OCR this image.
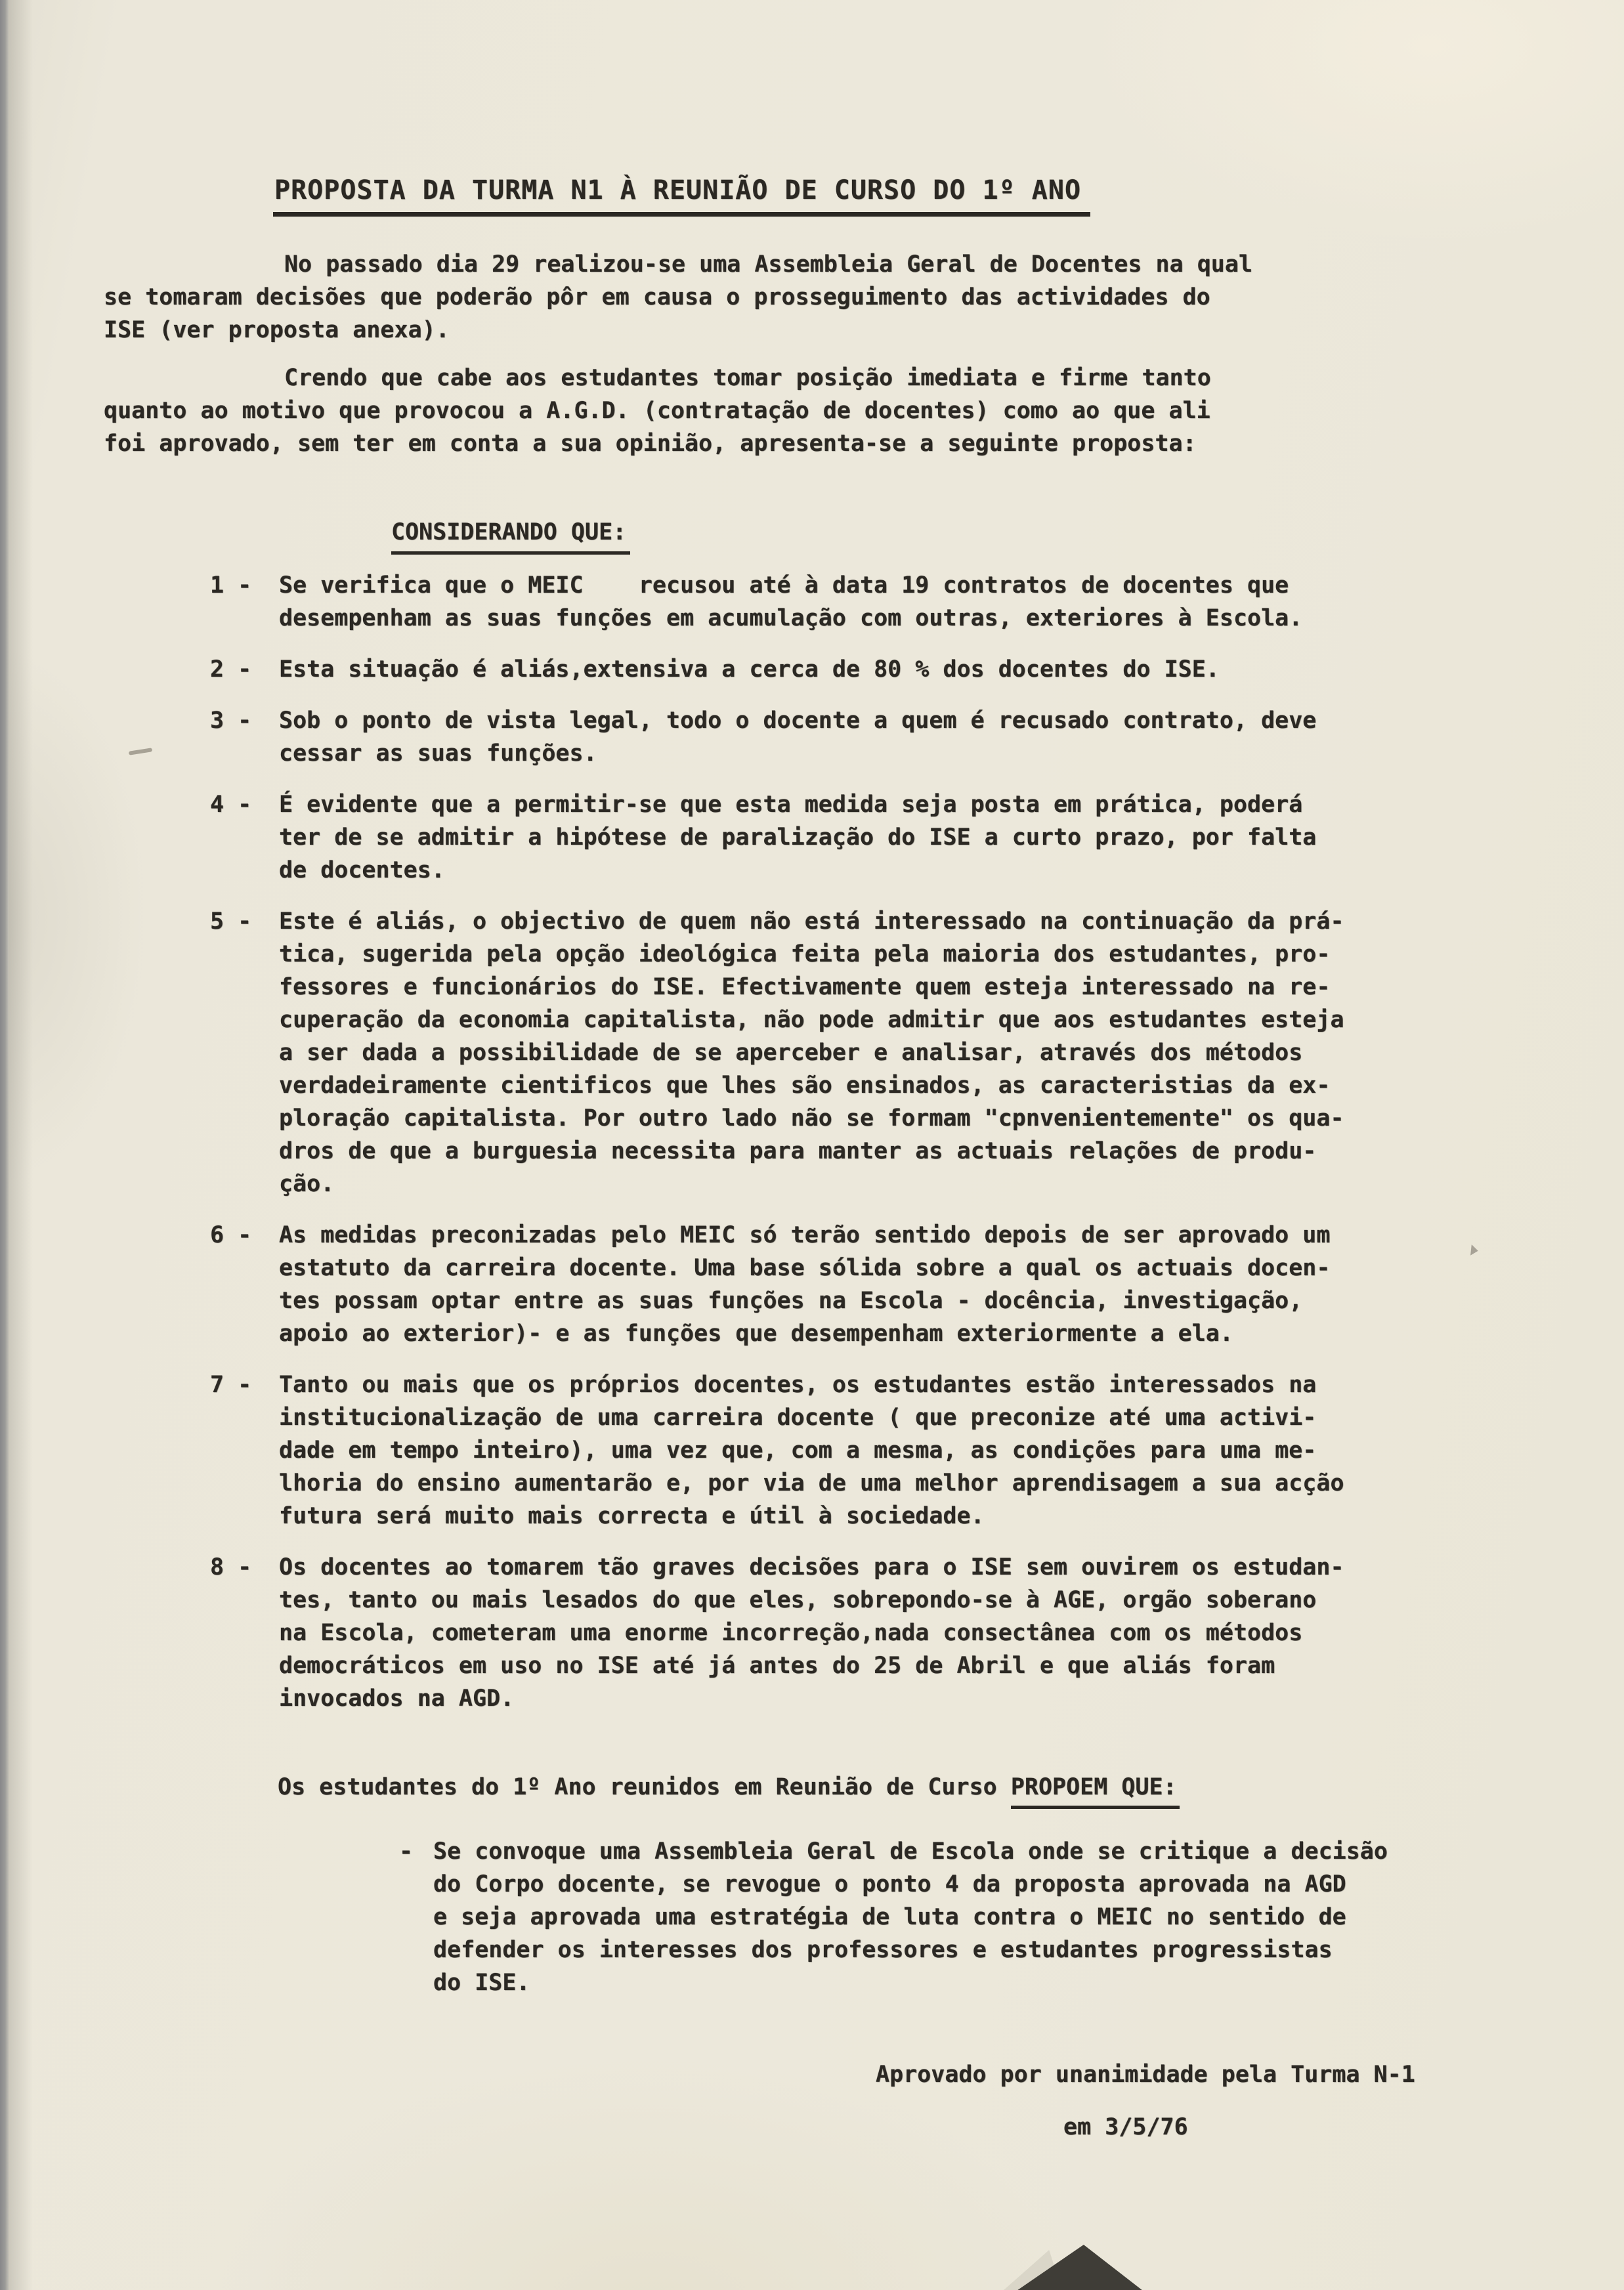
PROPOSTA DA TURMA N1 À REUNIÃO DE CURSO DO 1º ANO
No passado dia 29 realizou-se uma Assembleia Geral de Docentes na qual
se tomaram decisões que poderão pôr em causa o prosseguimento das actividades do
ISE (ver proposta anexa).
Crendo que cabe aos estudantes tomar posição imediata e firme tanto
quanto ao motivo que provocou a A.G.D. (contratação de docentes) como ao que ali
foi aprovado, sem ter em conta a sua opinião, apresenta-se a seguinte proposta:
CONSIDERANDO QUE:
1 - Se verifica que o MEIC    recusou até à data 19 contratos de docentes que
desempenham as suas funções em acumulação com outras, exteriores à Escola.
2 - Esta situação é aliás,extensiva a cerca de 80 % dos docentes do ISE.
3 - Sob o ponto de vista legal, todo o docente a quem é recusado contrato, deve
cessar as suas funções.
4 - É evidente que a permitir-se que esta medida seja posta em prática, poderá
ter de se admitir a hipótese de paralização do ISE a curto prazo, por falta
de docentes.
5 - Este é aliás, o objectivo de quem não está interessado na continuação da prá-
tica, sugerida pela opção ideológica feita pela maioria dos estudantes, pro-
fessores e funcionários do ISE. Efectivamente quem esteja interessado na re-
cuperação da economia capitalista, não pode admitir que aos estudantes esteja
a ser dada a possibilidade de se aperceber e analisar, através dos métodos
verdadeiramente cientificos que lhes são ensinados, as caracteristias da ex-
ploração capitalista. Por outro lado não se formam "cpnvenientemente" os qua-
dros de que a burguesia necessita para manter as actuais relações de produ-
ção.
6 - As medidas preconizadas pelo MEIC só terão sentido depois de ser aprovado um
estatuto da carreira docente. Uma base sólida sobre a qual os actuais docen-
tes possam optar entre as suas funções na Escola - docência, investigação,
apoio ao exterior)- e as funções que desempenham exteriormente a ela.
7 - Tanto ou mais que os próprios docentes, os estudantes estão interessados na
institucionalização de uma carreira docente ( que preconize até uma activi-
dade em tempo inteiro), uma vez que, com a mesma, as condições para uma me-
lhoria do ensino aumentarão e, por via de uma melhor aprendisagem a sua acção
futura será muito mais correcta e útil à sociedade.
8 - Os docentes ao tomarem tão graves decisões para o ISE sem ouvirem os estudan-
tes, tanto ou mais lesados do que eles, sobrepondo-se à AGE, orgão soberano
na Escola, cometeram uma enorme incorreção,nada consectânea com os métodos
democráticos em uso no ISE até já antes do 25 de Abril e que aliás foram
invocados na AGD.
Os estudantes do 1º Ano reunidos em Reunião de Curso PROPOEM QUE:
- Se convoque uma Assembleia Geral de Escola onde se critique a decisão
do Corpo docente, se revogue o ponto 4 da proposta aprovada na AGD
e seja aprovada uma estratégia de luta contra o MEIC no sentido de
defender os interesses dos professores e estudantes progressistas
do ISE.
Aprovado por unanimidade pela Turma N-1
em 3/5/76
